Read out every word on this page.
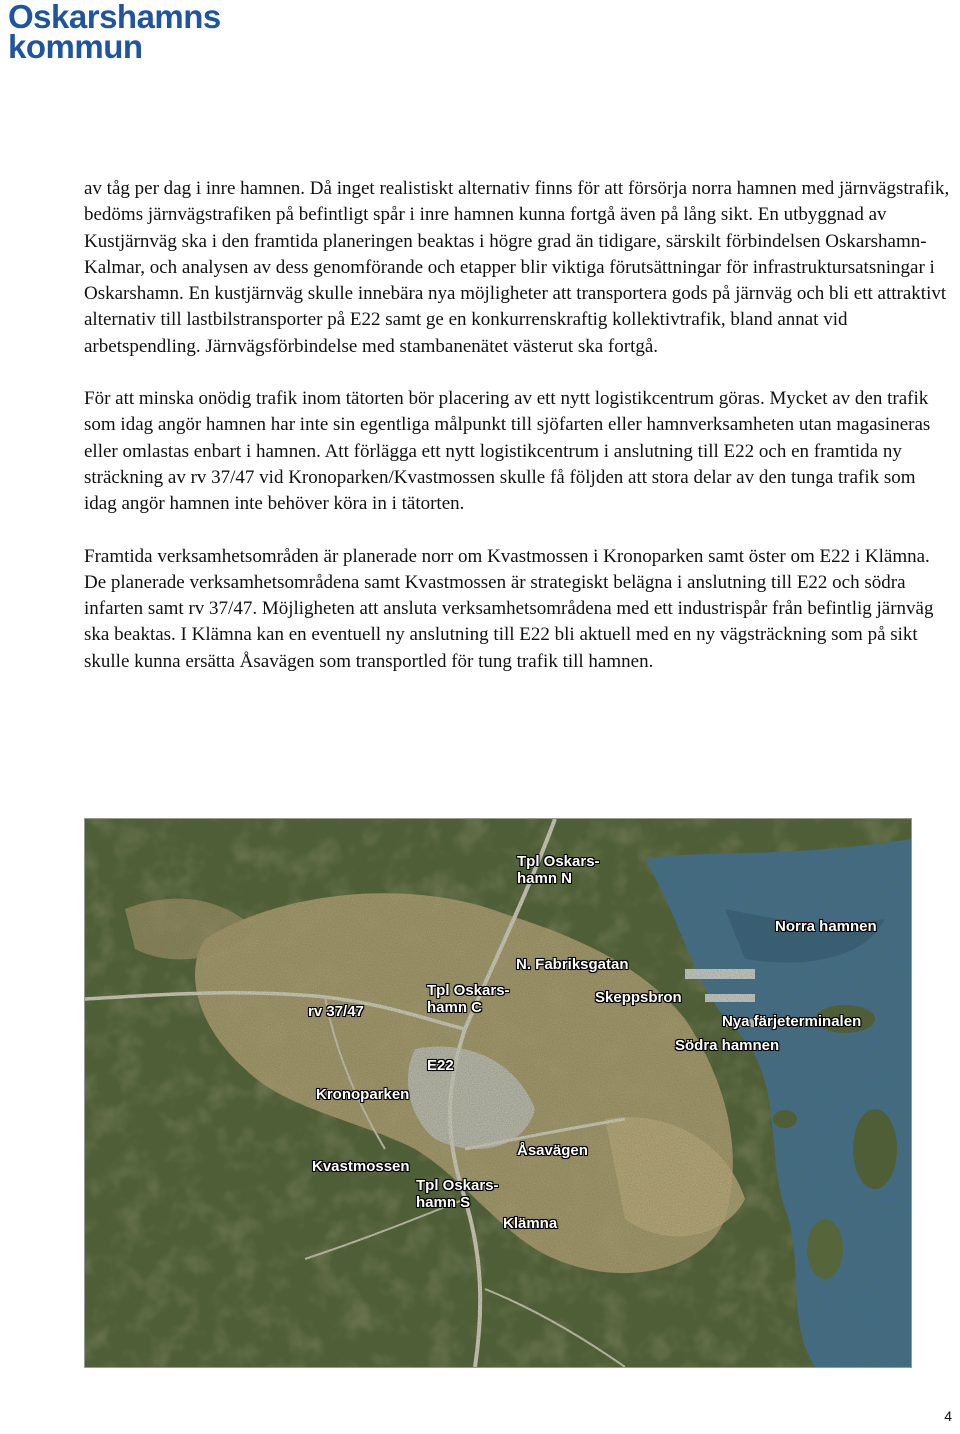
Oskarshamns
kommun

av tåg per dag i inre hamnen. Då inget realistiskt alternativ finns för att försörja norra hamnen med järnvägstrafik, bedöms järnvägstrafiken på befintligt spår i inre hamnen kunna fortgå även på lång sikt. En utbyggnad av Kustjärnväg ska i den framtida planeringen beaktas i högre grad än tidigare, särskilt förbindelsen Oskarshamn-Kalmar, och analysen av dess genomförande och etapper blir viktiga förutsättningar för infrastruktursatsningar i Oskarshamn. En kustjärnväg skulle innebära nya möjligheter att transportera gods på järnväg och bli ett attraktivt alternativ till lastbilstransporter på E22 samt ge en konkurrenskraftig kollektivtrafik, bland annat vid arbetspendling. Järnvägsförbindelse med stambanenätet västerut ska fortgå.

För att minska onödig trafik inom tätorten bör placering av ett nytt logistikcentrum göras. Mycket av den trafik som idag angör hamnen har inte sin egentliga målpunkt till sjöfarten eller hamnverksamheten utan magasineras eller omlastas enbart i hamnen. Att förlägga ett nytt logistikcentrum i anslutning till E22 och en framtida ny sträckning av rv 37/47 vid Kronoparken/Kvastmossen skulle få följden att stora delar av den tunga trafik som idag angör hamnen inte behöver köra in i tätorten.

Framtida verksamhetsområden är planerade norr om Kvastmossen i Kronoparken samt öster om E22 i Klämna. De planerade verksamhetsområdena samt Kvastmossen är strategiskt belägna i anslutning till E22 och södra infarten samt rv 37/47. Möjligheten att ansluta verksamhetsområdena med ett industrispår från befintlig järnväg ska beaktas. I Klämna kan en eventuell ny anslutning till E22 bli aktuell med en ny vägsträckning som på sikt skulle kunna ersätta Åsavägen som transportled för tung trafik till hamnen.

Tpl Oskars-
hamn N
Norra hamnen
N. Fabriksgatan
Tpl Oskars-
hamn C
Skeppsbron
rv 37/47
Nya färjeterminalen
Södra hamnen
E22
Kronoparken
Åsavägen
Kvastmossen
Tpl Oskars-
hamn S
Klämna
4
